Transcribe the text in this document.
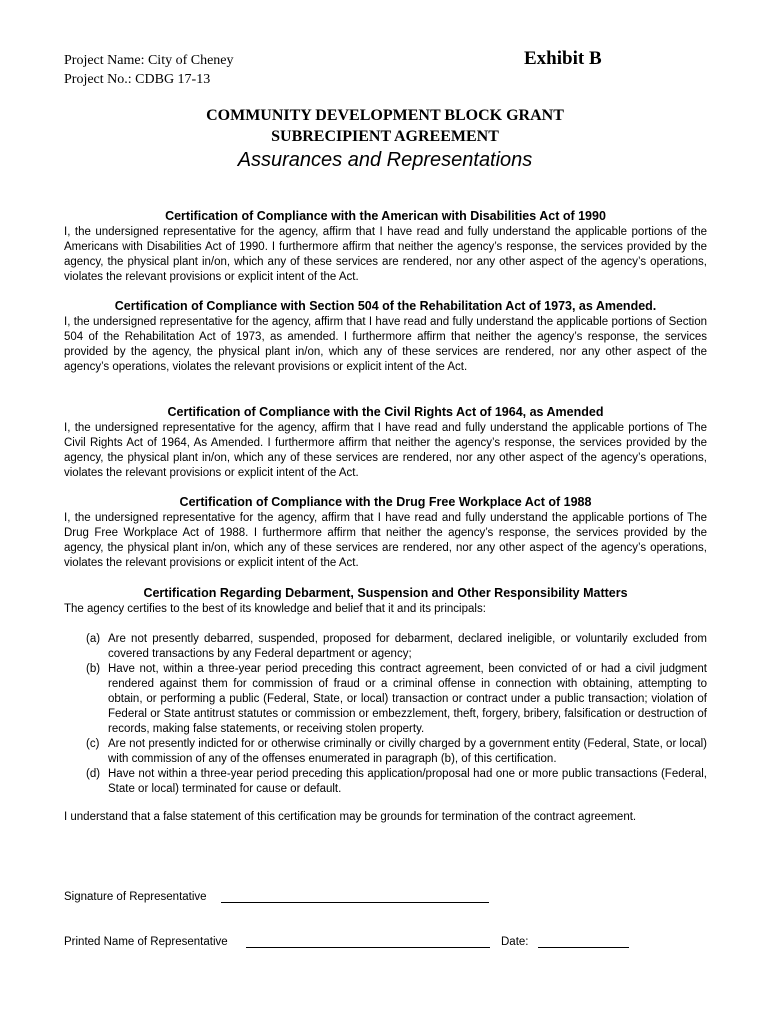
Project Name: City of Cheney
Project No.: CDBG 17-13
Exhibit B
COMMUNITY DEVELOPMENT BLOCK GRANT
SUBRECIPIENT AGREEMENT
Assurances and Representations
Certification of Compliance with the American with Disabilities Act of 1990
I, the undersigned representative for the agency, affirm that I have read and fully understand the applicable portions of the Americans with Disabilities Act of 1990. I furthermore affirm that neither the agency’s response, the services provided by the agency, the physical plant in/on, which any of these services are rendered, nor any other aspect of the agency’s operations, violates the relevant provisions or explicit intent of the Act.
Certification of Compliance with Section 504 of the Rehabilitation Act of 1973, as Amended.
I, the undersigned representative for the agency, affirm that I have read and fully understand the applicable portions of Section 504 of the Rehabilitation Act of 1973, as amended. I furthermore affirm that neither the agency’s response, the services provided by the agency, the physical plant in/on, which any of these services are rendered, nor any other aspect of the agency’s operations, violates the relevant provisions or explicit intent of the Act.
Certification of Compliance with the Civil Rights Act of 1964, as Amended
I, the undersigned representative for the agency, affirm that I have read and fully understand the applicable portions of The Civil Rights Act of 1964, As Amended. I furthermore affirm that neither the agency’s response, the services provided by the agency, the physical plant in/on, which any of these services are rendered, nor any other aspect of the agency’s operations, violates the relevant provisions or explicit intent of the Act.
Certification of Compliance with the Drug Free Workplace Act of 1988
I, the undersigned representative for the agency, affirm that I have read and fully understand the applicable portions of The Drug Free Workplace Act of 1988. I furthermore affirm that neither the agency’s response, the services provided by the agency, the physical plant in/on, which any of these services are rendered, nor any other aspect of the agency’s operations, violates the relevant provisions or explicit intent of the Act.
Certification Regarding Debarment, Suspension and Other Responsibility Matters
The agency certifies to the best of its knowledge and belief that it and its principals:
(a) Are not presently debarred, suspended, proposed for debarment, declared ineligible, or voluntarily excluded from covered transactions by any Federal department or agency;
(b) Have not, within a three-year period preceding this contract agreement, been convicted of or had a civil judgment rendered against them for commission of fraud or a criminal offense in connection with obtaining, attempting to obtain, or performing a public (Federal, State, or local) transaction or contract under a public transaction; violation of Federal or State antitrust statutes or commission or embezzlement, theft, forgery, bribery, falsification or destruction of records, making false statements, or receiving stolen property.
(c) Are not presently indicted for or otherwise criminally or civilly charged by a government entity (Federal, State, or local) with commission of any of the offenses enumerated in paragraph (b), of this certification.
(d) Have not within a three-year period preceding this application/proposal had one or more public transactions (Federal, State or local) terminated for cause or default.
I understand that a false statement of this certification may be grounds for termination of the contract agreement.
Signature of Representative
Printed Name of Representative	Date:
